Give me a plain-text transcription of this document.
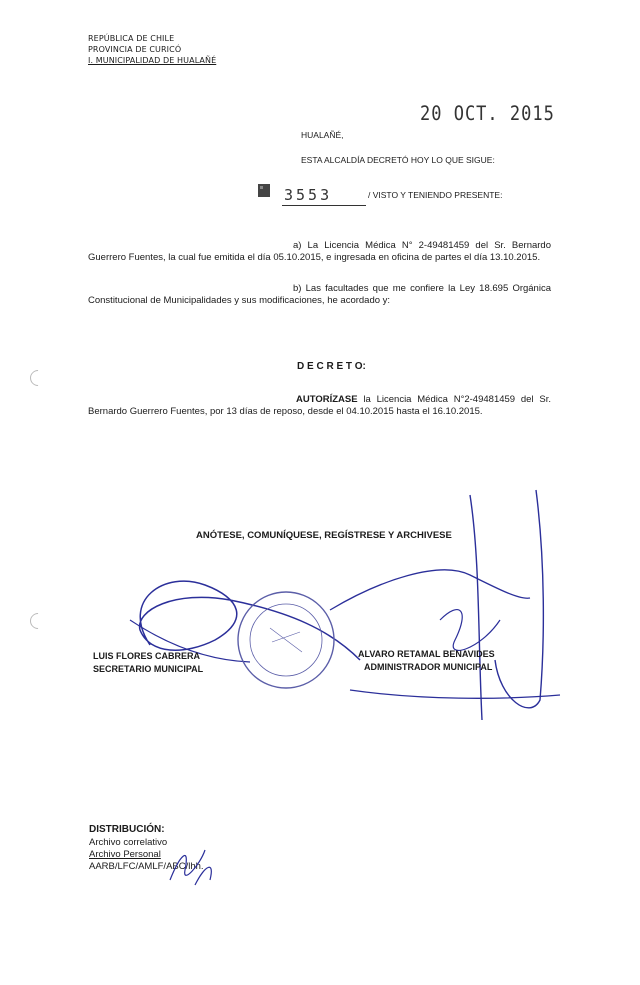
REPÚBLICA DE CHILE
PROVINCIA DE CURICÓ
I. MUNICIPALIDAD DE HUALAÑÉ
20 OCT. 2015
HUALAÑÉ,
ESTA ALCALDÍA DECRETÓ HOY LO QUE SIGUE:
3553	/ VISTO Y TENIENDO PRESENTE:
a) La Licencia Médica N° 2-49481459 del Sr. Bernardo Guerrero Fuentes, la cual fue emitida el día 05.10.2015, e ingresada en oficina de partes el día 13.10.2015.
b) Las facultades que me confiere la Ley 18.695 Orgánica Constitucional de Municipalidades y sus modificaciones, he acordado y:
D E C R E T O:
AUTORÍZASE la Licencia Médica N°2-49481459 del Sr. Bernardo Guerrero Fuentes, por 13 días de reposo, desde el 04.10.2015 hasta el 16.10.2015.
ANÓTESE, COMUNÍQUESE, REGÍSTRESE Y ARCHIVESE
LUIS FLORES CABRERA
SECRETARIO MUNICIPAL
ALVARO RETAMAL BENAVIDES
ADMINISTRADOR MUNICIPAL
DISTRIBUCIÓN:
Archivo correlativo
Archivo Personal
AARB/LFC/AMLF/ABC/lhh.
